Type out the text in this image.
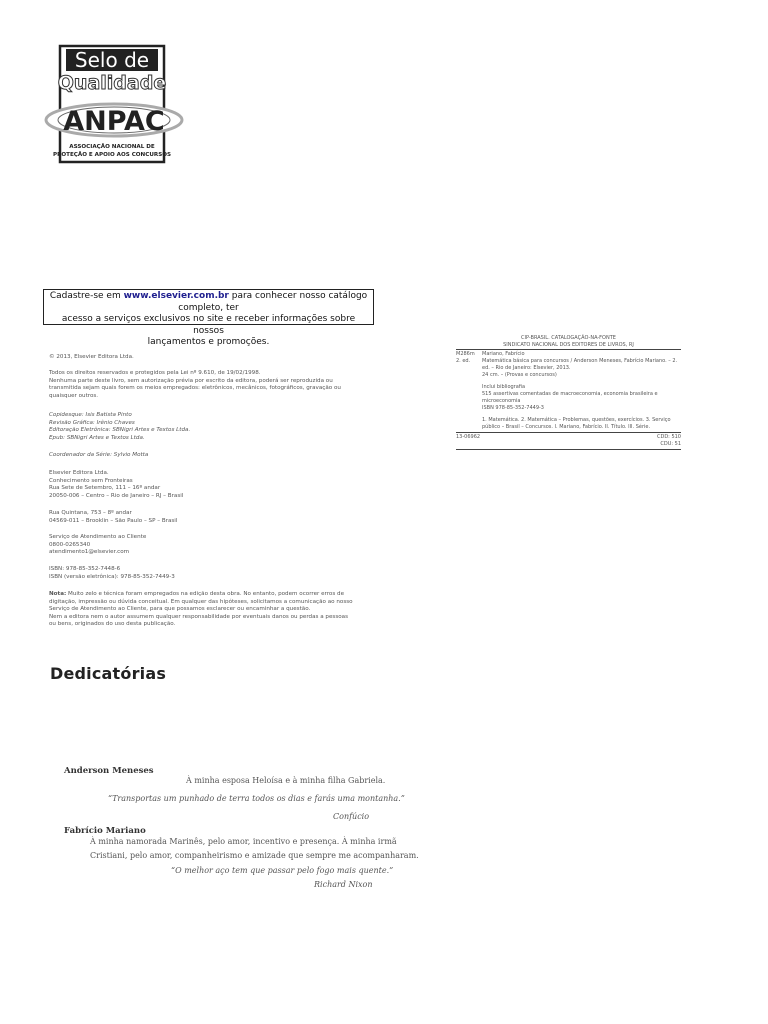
Selo de
Qualidade
ANPAC
ASSOCIAÇÃO NACIONAL DE
PROTEÇÃO E APOIO AOS CONCURSOS
Cadastre-se em www.elsevier.com.br para conhecer nosso catálogo completo, ter
acesso a serviços exclusivos no site e receber informações sobre nossos
lançamentos e promoções.
© 2013, Elsevier Editora Ltda.
Todos os direitos reservados e protegidos pela Lei nº 9.610, de 19/02/1998.
Nenhuma parte deste livro, sem autorização prévia por escrito da editora, poderá ser reproduzida ou
transmitida sejam quais forem os meios empregados: eletrônicos, mecânicos, fotográficos, gravação ou
quaisquer outros.
Copidesque: Isis Batista Pinto
Revisão Gráfica: Irênio Chaves
Editoração Eletrônica: SBNigri Artes e Textos Ltda.
Epub: SBNigri Artes e Textos Ltda.
Coordenador da Série: Sylvio Motta
Elsevier Editora Ltda.
Conhecimento sem Fronteiras
Rua Sete de Setembro, 111 – 16º andar
20050-006 – Centro – Rio de Janeiro – RJ – Brasil
Rua Quintana, 753 – 8º andar
04569-011 – Brooklin – São Paulo – SP – Brasil
Serviço de Atendimento ao Cliente
0800-0265340
atendimento1@elsevier.com
ISBN: 978-85-352-7448-6
ISBN (versão eletrônica): 978-85-352-7449-3
Nota: Muito zelo e técnica foram empregados na edição desta obra. No entanto, podem ocorrer erros de
digitação, impressão ou dúvida conceitual. Em qualquer das hipóteses, solicitamos a comunicação ao nosso
Serviço de Atendimento ao Cliente, para que possamos esclarecer ou encaminhar a questão.
Nem a editora nem o autor assumem qualquer responsabilidade por eventuais danos ou perdas a pessoas
ou bens, originados do uso desta publicação.
CIP-BRASIL. CATALOGAÇÃO-NA-FONTE
SINDICATO NACIONAL DOS EDITORES DE LIVROS, RJ
M286m	Mariano, Fabrício
2. ed.	Matemática básica para concursos / Anderson Meneses, Fabrício Mariano. – 2.
ed. – Rio de Janeiro: Elsevier, 2013.
24 cm. – (Provas e concursos)
Inclui bibliografia
515 assertivas comentadas de macroeconomia, economia brasileira e
microeconomia
ISBN 978-85-352-7449-3
1. Matemática. 2. Matemática – Problemas, questões, exercícios. 3. Serviço
público – Brasil – Concursos. I. Mariano, Fabrício. II. Título. III. Série.
13-06962	CDD: 510
CDU: 51
Dedicatórias
Anderson Meneses
À minha esposa Heloísa e à minha filha Gabriela.
“Transportas um punhado de terra todos os dias e farás uma montanha.”
Confúcio
Fabrício Mariano
À minha namorada Marinês, pelo amor, incentivo e presença. À minha irmã
Cristiani, pelo amor, companheirismo e amizade que sempre me acompanharam.
“O melhor aço tem que passar pelo fogo mais quente.”
Richard Nixon
